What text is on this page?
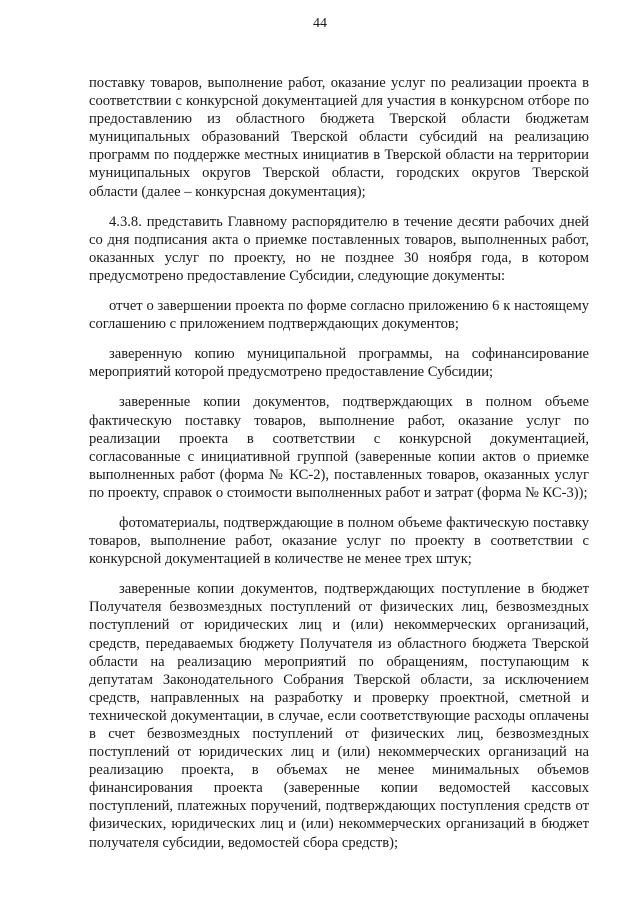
44

поставку товаров, выполнение работ, оказание услуг по реализации проекта в соответствии с конкурсной документацией для участия в конкурсном отборе по предоставлению из областного бюджета Тверской области бюджетам муниципальных образований Тверской области субсидий на реализацию программ по поддержке местных инициатив в Тверской области на территории муниципальных округов Тверской области, городских округов Тверской области (далее – конкурсная документация);

4.3.8. представить Главному распорядителю в течение десяти рабочих дней со дня подписания акта о приемке поставленных товаров, выполненных работ, оказанных услуг по проекту, но не позднее 30 ноября года, в котором предусмотрено предоставление Субсидии, следующие документы:

отчет о завершении проекта по форме согласно приложению 6 к настоящему соглашению с приложением подтверждающих документов;

заверенную копию муниципальной программы, на софинансирование мероприятий которой предусмотрено предоставление Субсидии;

заверенные копии документов, подтверждающих в полном объеме фактическую поставку товаров, выполнение работ, оказание услуг по реализации проекта в соответствии с конкурсной документацией, согласованные с инициативной группой (заверенные копии актов о приемке выполненных работ (форма № КС-2), поставленных товаров, оказанных услуг по проекту, справок о стоимости выполненных работ и затрат (форма № КС-3));

фотоматериалы, подтверждающие в полном объеме фактическую поставку товаров, выполнение работ, оказание услуг по проекту в соответствии с конкурсной документацией в количестве не менее трех штук;

заверенные копии документов, подтверждающих поступление в бюджет Получателя безвозмездных поступлений от физических лиц, безвозмездных поступлений от юридических лиц и (или) некоммерческих организаций, средств, передаваемых бюджету Получателя из областного бюджета Тверской области на реализацию мероприятий по обращениям, поступающим к депутатам Законодательного Собрания Тверской области, за исключением средств, направленных на разработку и проверку проектной, сметной и технической документации, в случае, если соответствующие расходы оплачены в счет безвозмездных поступлений от физических лиц, безвозмездных поступлений от юридических лиц и (или) некоммерческих организаций на реализацию проекта, в объемах не менее минимальных объемов финансирования проекта (заверенные копии ведомостей кассовых поступлений, платежных поручений, подтверждающих поступления средств от физических, юридических лиц и (или) некоммерческих организаций в бюджет получателя субсидии, ведомостей сбора средств);
